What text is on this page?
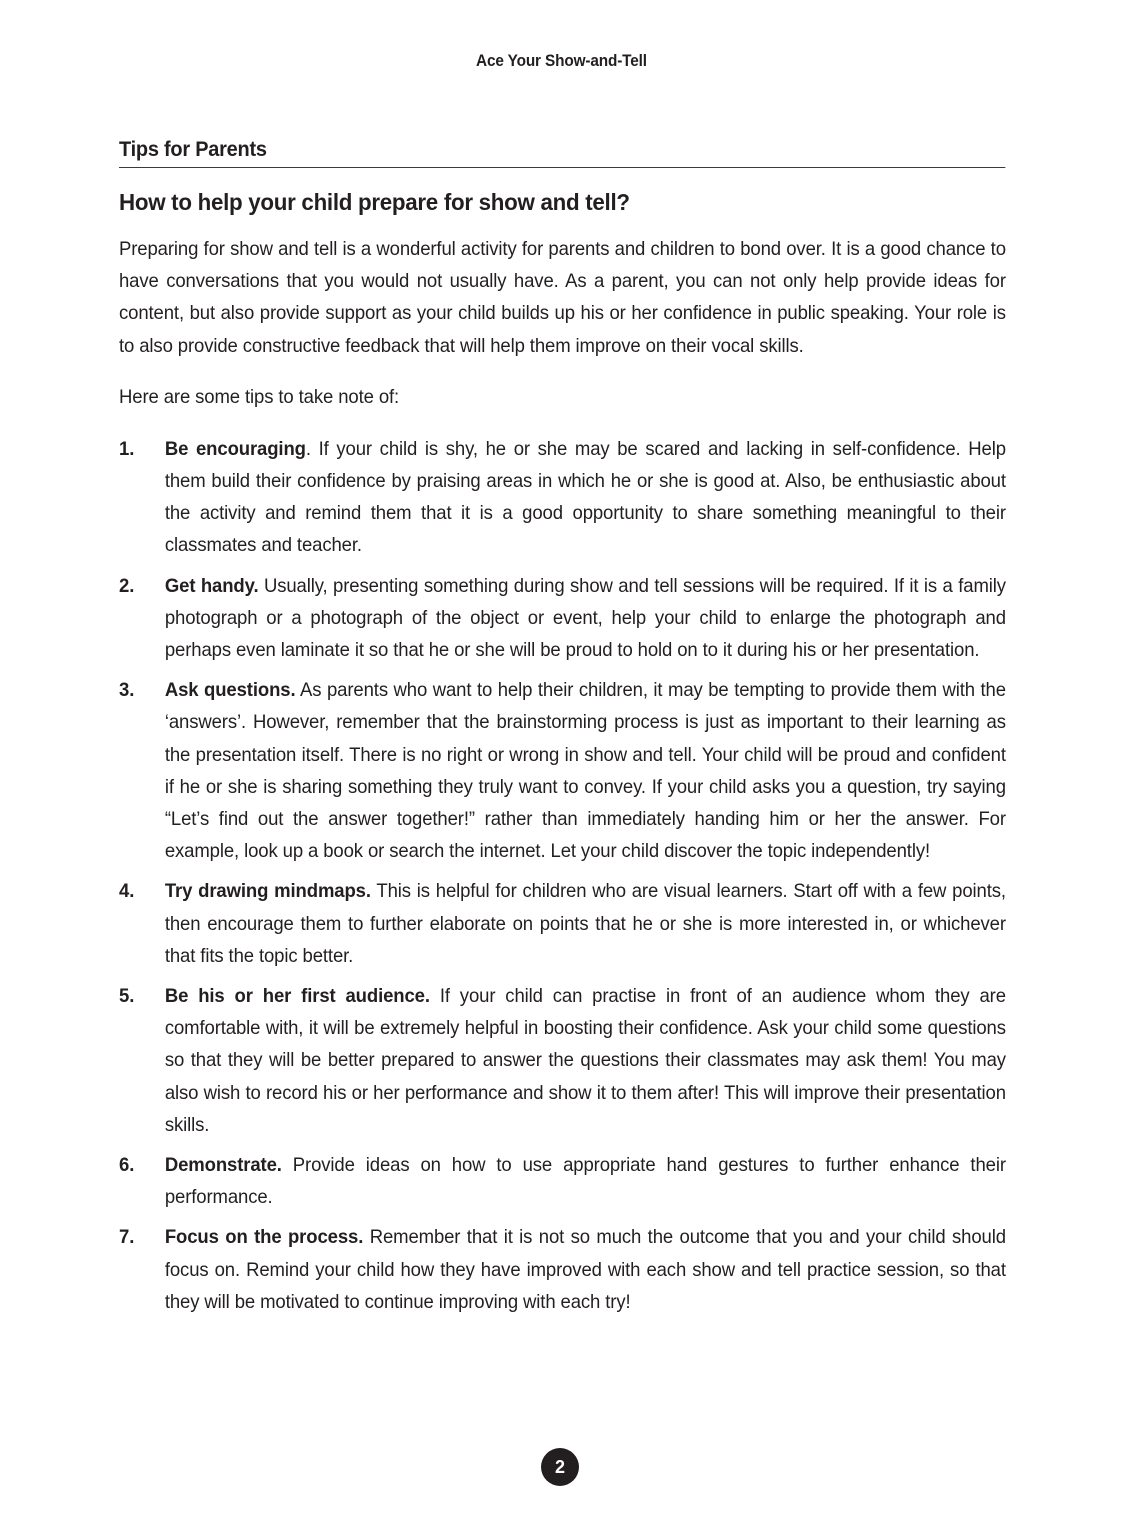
Ace Your Show-and-Tell
Tips for Parents
How to help your child prepare for show and tell?

Preparing for show and tell is a wonderful activity for parents and children to bond over. It is a good chance to have conversations that you would not usually have. As a parent, you can not only help provide ideas for content, but also provide support as your child builds up his or her confidence in public speaking. Your role is to also provide constructive feedback that will help them improve on their vocal skills.

Here are some tips to take note of:

1.	Be encouraging. If your child is shy, he or she may be scared and lacking in self-confidence. Help them build their confidence by praising areas in which he or she is good at. Also, be enthusiastic about the activity and remind them that it is a good opportunity to share something meaningful to their classmates and teacher.
2.	Get handy. Usually, presenting something during show and tell sessions will be required. If it is a family photograph or a photograph of the object or event, help your child to enlarge the photograph and perhaps even laminate it so that he or she will be proud to hold on to it during his or her presentation.
3.	Ask questions. As parents who want to help their children, it may be tempting to provide them with the ‘answers’. However, remember that the brainstorming process is just as important to their learning as the presentation itself. There is no right or wrong in show and tell. Your child will be proud and confident if he or she is sharing something they truly want to convey. If your child asks you a question, try saying “Let’s find out the answer together!” rather than immediately handing him or her the answer. For example, look up a book or search the internet. Let your child discover the topic independently!
4.	Try drawing mindmaps. This is helpful for children who are visual learners. Start off with a few points, then encourage them to further elaborate on points that he or she is more interested in, or whichever that fits the topic better.
5.	Be his or her first audience. If your child can practise in front of an audience whom they are comfortable with, it will be extremely helpful in boosting their confidence. Ask your child some questions so that they will be better prepared to answer the questions their classmates may ask them! You may also wish to record his or her performance and show it to them after! This will improve their presentation skills.
6.	Demonstrate. Provide ideas on how to use appropriate hand gestures to further enhance their performance.
7.	Focus on the process. Remember that it is not so much the outcome that you and your child should focus on. Remind your child how they have improved with each show and tell practice session, so that they will be motivated to continue improving with each try!
2
